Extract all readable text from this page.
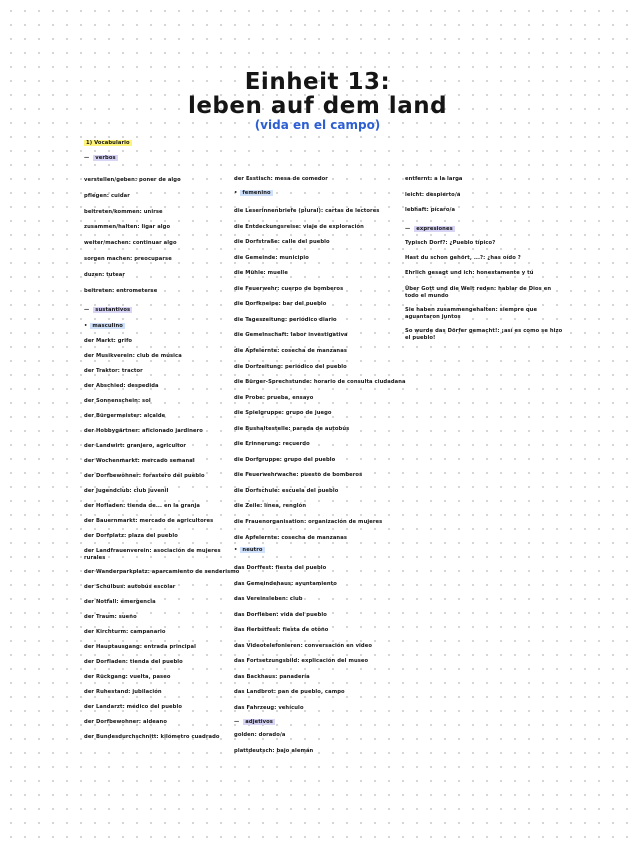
Einheit 13:
leben auf dem land
(vida en el campo)
1) Vocabulario
— verbos
verstellen/geben: poner de algo
pflegen: cuidar
beitreten/kommen: unirse
zusammen/halten: ligar algo
weiter/machen: continuar algo
sorgen machen: preocuparse
duzen: tutear
beitreten: entrometerse
— sustantivos
• masculino
der Markt: grifo
der Musikverein: club de música
der Traktor: tractor
der Abschied: despedida
der Sonnenschein: sol
der Bürgermeister: alcalde
der Hobbygärtner: aficionado jardinero
der Landwirt: granjero, agricultor
der Wochenmarkt: mercado semanal
der Dorfbewohner: forastero del pueblo
der Jugendclub: club juvenil
der Hofladen: tienda de... en la granja
der Bauernmarkt: mercado de agricultores
der Dorfplatz: plaza del pueblo
der Landfrauenverein: asociación de mujeres rurales
der Wanderparkplatz: aparcamiento de senderismo
der Schulbus: autobús escolar
der Notfall: emergencia
der Traum: sueño
der Kirchturm: campanario
der Hauptausgang: entrada principal
der Dorfladen: tienda del pueblo
der Rückgang: vuelta, paseo
der Ruhestand: jubilación
der Landarzt: médico del pueblo
der Dorfbewohner: aldeano
der Bundesdurchschnitt: kilómetro cuadrado
der Esstisch: mesa de comedor
• femenino
die Leserinnenbriefe (plural): cartas de lectores
die Entdeckungsreise: viaje de exploración
die Dorfstraße: calle del pueblo
die Gemeinde: municipio
die Mühle: muelle
die Feuerwehr: cuerpo de bomberos
die Dorfkneipe: bar del pueblo
die Tageszeitung: periódico diario
die Gemeinschaft: labor investigativa
die Apfelernte: cosecha de manzanas
die Dorfzeitung: periódico del pueblo
die Bürger-Sprechstunde: horario de consulta ciudadana
die Probe: prueba, ensayo
die Spielgruppe: grupo de juego
die Bushaltestelle: parada de autobús
die Erinnerung: recuerdo
die Dorfgruppe: grupo del pueblo
die Feuerwehrwache: puesto de bomberos
die Dorfschule: escuela del pueblo
die Zeile: línea, renglón
die Frauenorganisation: organización de mujeres
die Apfelernte: cosecha de manzanas
• neutro
das Dorffest: fiesta del pueblo
das Gemeindehaus: ayuntamiento
das Vereinsleben: club
das Dorfleben: vida del pueblo
das Herbstfest: fiesta de otoño
das Videotelefonieren: conversación en video
das Fortsetzungsbild: explicación del museo
das Backhaus: panadería
das Landbrot: pan de pueblo, campo
das Fahrzeug: vehículo
— adjetivos
golden: dorado/a
plattdeutsch: bajo alemán
entfernt: a la larga
leicht: despierto/a
lebhaft: pícaro/a
— expresiones
Typisch Dorf?: ¿Pueblo típico?
Hast du schon gehört, ...?: ¿has oído ?
Ehrlich gesagt und ich: honestamente y tú
Über Gott und die Welt reden: hablar de Dios en todo el mundo
Sie haben zusammengehalten: siempre que aguantaron juntos
So wurde das Dörfer gemacht!: ¡así es como se hizo el pueblo!
